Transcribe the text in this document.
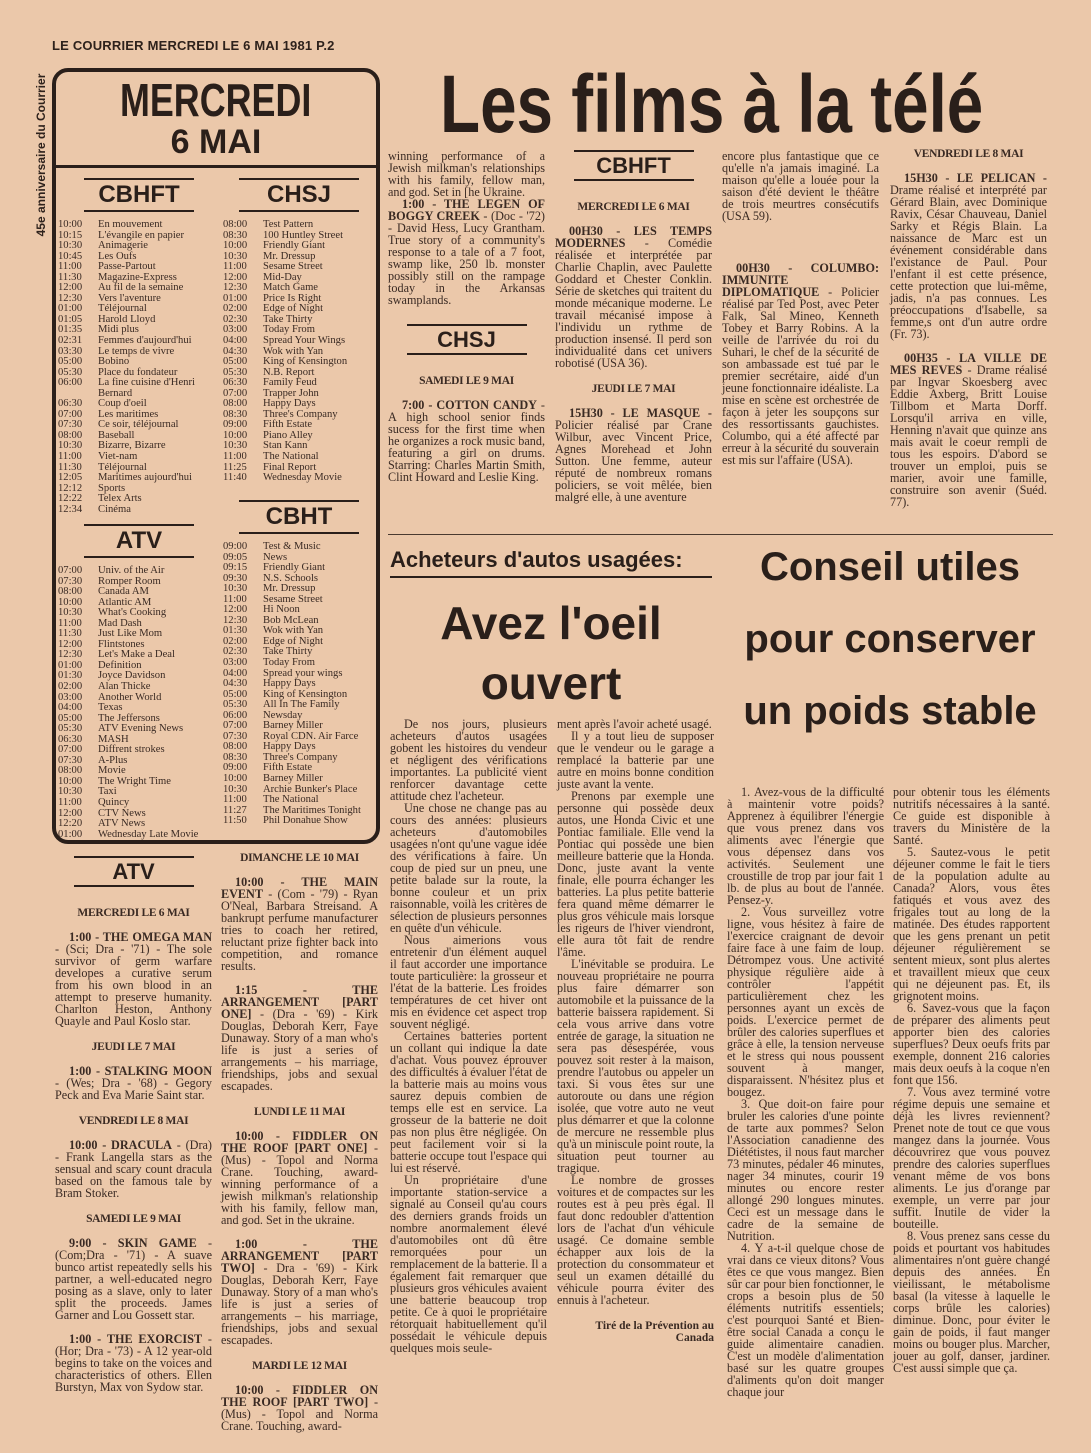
LE COURRIER MERCREDI LE 6 MAI 1981 P.2
45e anniversaire du Courrier	MERCREDI
6 MAI
CBHFT
10:00	En mouvement
10:15	L'évangile en papier
10:30	Animagerie
10:45	Les Oufs
11:00	Passe-Partout
11:30	Magazine-Express
12:00	Au fil de la semaine
12:30	Vers l'aventure
01:00	Téléjournal
01:05	Harold Lloyd
01:35	Midi plus
02:31	Femmes d'aujourd'hui
03:30	Le temps de vivre
05:00	Bobino
05:30	Place du fondateur
06:00	La fine cuisine d'Henri
Bernard
06:30	Coup d'oeil
07:00	Les maritimes
07:30	Ce soir, téléjournal
08:00	Baseball
10:30	Bizarre, Bizarre
11:00	Viet-nam
11:30	Téléjournal
12:05	Maritimes aujourd'hui
12:12	Sports
12:22	Telex Arts
12:34	Cinéma
CHSJ
08:00	Test Pattern
08:30	100 Huntley Street
10:00	Friendly Giant
10:30	Mr. Dressup
11:00	Sesame Street
12:00	Mid-Day
12:30	Match Game
01:00	Price Is Right
02:00	Edge of Night
02:30	Take Thirty
03:00	Today From
04:00	Spread Your Wings
04:30	Wok with Yan
05:00	King of Kensington
05:30	N.B. Report
06:30	Family Feud
07:00	Trapper John
08:00	Happy Days
08:30	Three's Company
09:00	Fifth Estate
10:00	Piano Alley
10:30	Stan Kann
11:00	The National
11:25	Final Report
11:40	Wednesday Movie
ATV
07:00	Univ. of the Air
07:30	Romper Room
08:00	Canada AM
10:00	Atlantic AM
10:30	What's Cooking
11:00	Mad Dash
11:30	Just Like Mom
12:00	Flintstones
12:30	Let's Make a Deal
01:00	Definition
01:30	Joyce Davidson
02:00	Alan Thicke
03:00	Another World
04:00	Texas
05:00	The Jeffersons
05:30	ATV Evening News
06:30	MASH
07:00	Diffrent strokes
07:30	A-Plus
08:00	Movie
10:00	The Wright Time
10:30	Taxi
11:00	Quincy
12:00	CTV News
12:20	ATV News
01:00	Wednesday Late Movie
CBHT
09:00	Test & Music
09:05	News
09:15	Friendly Giant
09:30	N.S. Schools
10:30	Mr. Dressup
11:00	Sesame Street
12:00	Hi Noon
12:30	Bob McLean
01:30	Wok with Yan
02:00	Edge of Night
02:30	Take Thirty
03:00	Today From
04:00	Spread your wings
04:30	Happy Days
05:00	King of Kensington
05:30	All In The Family
06:00	Newsday
07:00	Barney Miller
07:30	Royal CDN. Air Farce
08:00	Happy Days
08:30	Three's Company
09:00	Fifth Estate
10:00	Barney Miller
10:30	Archie Bunker's Place
11:00	The National
11:27	The Maritimes Tonight
11:50	Phil Donahue Show
Les films à la télé
ATV
MERCREDI LE 6 MAI

1:00 - THE OMEGA MAN - (Sci; Dra - '71) - The sole survivor of germ warfare developes a curative serum from his own blood in an attempt to preserve humanity. Charlton Heston, Anthony Quayle and Paul Koslo star.

JEUDI LE 7 MAI

1:00 - STALKING MOON - (Wes; Dra - '68) - Gegory Peck and Eva Marie Saint star.

VENDREDI LE 8 MAI

10:00 - DRACULA - (Dra) - Frank Langella stars as the sensual and scary count dracula based on the famous tale by Bram Stoker.

SAMEDI LE 9 MAI

9:00 - SKIN GAME - (Com;Dra - '71) - A suave bunco artist repeatedly sells his partner, a well-educated negro posing as a slave, only to later split the proceeds. James Garner and Lou Gossett star.

1:00 - THE EXORCIST - (Hor; Dra - '73) - A 12 year-old begins to take on the voices and characteristics of others. Ellen Burstyn, Max von Sydow star.

DIMANCHE LE 10 MAI

10:00 - THE MAIN EVENT - (Com - '79) - Ryan O'Neal, Barbara Streisand. A bankrupt perfume manufacturer tries to coach her retired, reluctant prize fighter back into competition, and romance results.

1:15 - THE ARRANGEMENT [PART ONE] - (Dra - '69) - Kirk Douglas, Deborah Kerr, Faye Dunaway. Story of a man who's life is just a series of arrangements – his marriage, friendships, jobs and sexual escapades.

LUNDI LE 11 MAI

10:00 - FIDDLER ON THE ROOF [PART ONE] - (Mus) - Topol and Norma Crane. Touching, award-winning performance of a jewish milkman's relationship with his family, fellow man, and god. Set in the ukraine.

1:00 - THE ARRANGEMENT [PART TWO] - Dra - '69) - Kirk Douglas, Deborah Kerr, Faye Dunaway. Story of a man who's life is just a series of arrangements – his marriage, friendships, jobs and sexual escapades.

MARDI LE 12 MAI

10:00 - FIDDLER ON THE ROOF [PART TWO] - (Mus) - Topol and Norma Crane. Touching, award-

winning performance of a Jewish milkman's relationships with his family, fellow man, and god. Set in [he Ukraine.

1:00 - THE LEGEN OF BOGGY CREEK - (Doc - '72) - David Hess, Lucy Grantham. True story of a community's response to a tale of a 7 foot, swamp like, 250 lb. monster possibly still on the rampage today in the Arkansas swamplands.

CHSJ
SAMEDI LE 9 MAI

7:00 - COTTON CANDY - A high school senior finds sucess for the first time when he organizes a rock music band, featuring a girl on drums. Starring: Charles Martin Smith, Clint Howard and Leslie King.

CBHFT
MERCREDI LE 6 MAI

00H30 - LES TEMPS MODERNES - Comédie réalisée et interprétée par Charlie Chaplin, avec Paulette Goddard et Chester Conklin. Série de sketches qui traitent du monde mécanique moderne. Le travail mécanisé impose à l'individu un rythme de production insensé. Il perd son individualité dans cet univers robotisé (USA 36).

JEUDI LE 7 MAI

15H30 - LE MASQUE - Policier réalisé par Crane Wilbur, avec Vincent Price, Agnes Morehead et John Sutton. Une femme, auteur réputé de nombreux romans policiers, se voit mêlée, bien malgré elle, à une aventure

encore plus fantastique que ce qu'elle n'a jamais imaginé. La maison qu'elle a louée pour la saison d'été devient le théâtre de trois meurtres consécutifs (USA 59).

00H30 - COLUMBO: IMMUNITE DIPLOMATIQUE - Policier réalisé par Ted Post, avec Peter Falk, Sal Mineo, Kenneth Tobey et Barry Robins. A la veille de l'arrivée du roi du Suhari, le chef de la sécurité de son ambassade est tué par le premier secrétaire, aidé d'un jeune fonctionnaire idéaliste. La mise en scène est orchestrée de façon à jeter les soupçons sur des ressortissants gauchistes. Columbo, qui a été affecté par erreur à la sécurité du souverain est mis sur l'affaire (USA).

VENDREDI LE 8 MAI

15H30 - LE PELICAN - Drame réalisé et interprété par Gérard Blain, avec Dominique Ravix, César Chauveau, Daniel Sarky et Régis Blain. La naissance de Marc est un événement considérable dans l'existance de Paul. Pour l'enfant il est cette présence, cette protection que lui-même, jadis, n'a pas connues. Les préoccupations d'Isabelle, sa femme,s ont d'un autre ordre (Fr. 73).

00H35 - LA VILLE DE MES REVES - Drame réalisé par Ingvar Skoesberg avec Eddie Axberg, Britt Louise Tillbom et Marta Dorff. Lorsqu'il arriva en ville, Henning n'avait que quinze ans mais avait le coeur rempli de tous les espoirs. D'abord se trouver un emploi, puis se marier, avoir une famille, construire son avenir (Suéd. 77).

Acheteurs d'autos usagées:
Avez l'oeil
ouvert

De nos jours, plusieurs acheteurs d'autos usagées gobent les histoires du vendeur et négligent des vérifications importantes. La publicité vient renforcer davantage cette attitude chez l'acheteur.

Une chose ne change pas au cours des années: plusieurs acheteurs d'automobiles usagées n'ont qu'une vague idée des vérifications à faire. Un coup de pied sur un pneu, une petite balade sur la route, la bonne couleur et un prix raisonnable, voilà les critères de sélection de plusieurs personnes en quête d'un véhicule.

Nous aimerions vous entretenir d'un élément auquel il faut accorder une importance toute particulière: la grosseur et l'état de la batterie. Les froides températures de cet hiver ont mis en évidence cet aspect trop souvent négligé.

Certaines batteries portent un collant qui indique la date d'achat. Vous pouvez éprouver des difficultés à évaluer l'état de la batterie mais au moins vous saurez depuis combien de temps elle est en service. La grosseur de la batterie ne doit pas non plus être négligée. On peut facilement voir si la batterie occupe tout l'espace qui lui est réservé.

Un propriétaire d'une importante station-service a signalé au Conseil qu'au cours des derniers grands froids un nombre anormalement élevé d'automobiles ont dû être remorquées pour un remplacement de la batterie. Il a également fait remarquer que plusieurs gros véhicules avaient une batterie beaucoup trop petite. Ce à quoi le propriétaire rétorquait habituellement qu'il possédait le véhicule depuis quelques mois seule-

ment après l'avoir acheté usagé.

Il y a tout lieu de supposer que le vendeur ou le garage a remplacé la batterie par une autre en moins bonne condition juste avant la vente.

Prenons par exemple une personne qui possède deux autos, une Honda Civic et une Pontiac familiale. Elle vend la Pontiac qui possède une bien meilleure batterie que la Honda. Donc, juste avant la vente finale, elle pourra échanger les batteries. La plus petite batterie fera quand même démarrer le plus gros véhicule mais lorsque les rigeurs de l'hiver viendront, elle aura tôt fait de rendre l'âme.

L'inévitable se produira. Le nouveau propriétaire ne pourra plus faire démarrer son automobile et la puissance de la batterie baissera rapidement. Si cela vous arrive dans votre entrée de garage, la situation ne sera pas désespérée, vous pouvez soit rester à la maison, prendre l'autobus ou appeler un taxi. Si vous êtes sur une autoroute ou dans une région isolée, que votre auto ne veut plus démarrer et que la colonne de mercure ne ressemble plus qu'à un miniscule point route, la situation peut tourner au tragique.

Le nombre de grosses voitures et de compactes sur les routes est à peu près égal. Il faut donc redoubler d'attention lors de l'achat d'un véhicule usagé. Ce domaine semble échapper aux lois de la protection du consommateur et seul un examen détaillé du véhicule pourra éviter des ennuis à l'acheteur.

Tiré de la Prévention au Canada
Conseil utiles
pour conserver
un poids stable

1. Avez-vous de la difficulté à maintenir votre poids? Apprenez à équilibrer l'énergie que vous prenez dans vos aliments avec l'énergie que vous dépensez dans vos activités. Seulement une croustille de trop par jour fait 1 lb. de plus au bout de l'année. Pensez-y.

2. Vous surveillez votre ligne, vous hésitez à faire de l'exercice craignant de devoir faire face à une faim de loup. Détrompez vous. Une activité physique régulière aide à contrôler l'appétit particulièrement chez les personnes ayant un excès de poids. L'exercice permet de brûler des calories superflues et grâce à elle, la tension nerveuse et le stress qui nous poussent souvent à manger, disparaissent. N'hésitez plus et bougez.

3. Que doit-on faire pour bruler les calories d'une pointe de tarte aux pommes? Selon l'Association canadienne des Diététistes, il nous faut marcher 73 minutes, pédaler 46 minutes, nager 34 minutes, courir 19 minutes ou encore rester allongé 290 longues minutes. Ceci est un message dans le cadre de la semaine de Nutrition.

4. Y a-t-il quelque chose de vrai dans ce vieux ditons? Vous êtes ce que vous mangez. Bien sûr car pour bien fonctionner, le crops a besoin plus de 50 éléments nutritifs essentiels; c'est pourquoi Santé et Bien-être social Canada a conçu le guide alimentaire canadien. C'est un modèle d'alimentation basé sur les quatre groupes d'aliments qu'on doit manger chaque jour

pour obtenir tous les éléments nutritifs nécessaires à la santé. Ce guide est disponible à travers du Ministère de la Santé.

5. Sautez-vous le petit déjeuner comme le fait le tiers de la population adulte au Canada? Alors, vous êtes fatiqués et vous avez des frigales tout au long de la matinée. Des études rapportent que les gens prenant un petit déjeuner régulièrement se sentent mieux, sont plus alertes et travaillent mieux que ceux qui ne déjeunent pas. Et, ils grignotent moins.

6. Savez-vous que la façon de préparer des aliments peut apporter bien des calories superflues? Deux oeufs frits par exemple, donnent 216 calories mais deux oeufs à la coque n'en font que 156.

7. Vous avez terminé votre régime depuis une semaine et déjà les livres reviennent? Prenet note de tout ce que vous mangez dans la journée. Vous découvrirez que vous pouvez prendre des calories superflues venant même de vos bons aliments. Le jus d'orange par exemple, un verre par jour suffit. Inutile de vider la bouteille.

8. Vous prenez sans cesse du poids et pourtant vos habitudes alimentaires n'ont guère changé depuis des années. En vieilissant, le métabolisme basal (la vitesse à laquelle le corps brûle les calories) diminue. Donc, pour éviter le gain de poids, il faut manger moins ou bouger plus. Marcher, jouer au golf, danser, jardiner. C'est aussi simple que ça.
